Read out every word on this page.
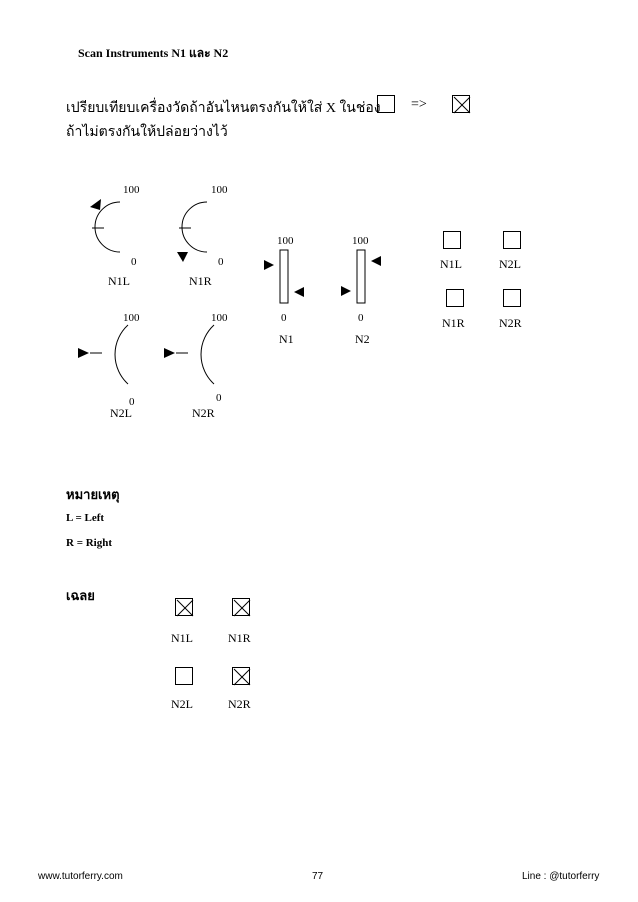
Scan Instruments N1 และ N2
เปรียบเทียบเครื่องวัดถ้าอันไหนตรงกันให้ใส่ X ในช่อง =>
ถ้าไม่ตรงกันให้ปล่อยว่างไว้
100
0
N1L
100
0
N1R
100
0
N1
100
0
N2
100
0
N2L
100
0
N2R
N1L	N2L
N1R	N2R
หมายเหตุ
L = Left
R = Right
เฉลย
N1L	N1R
N2L	N2R
www.tutorferry.com	77	Line : @tutorferry
